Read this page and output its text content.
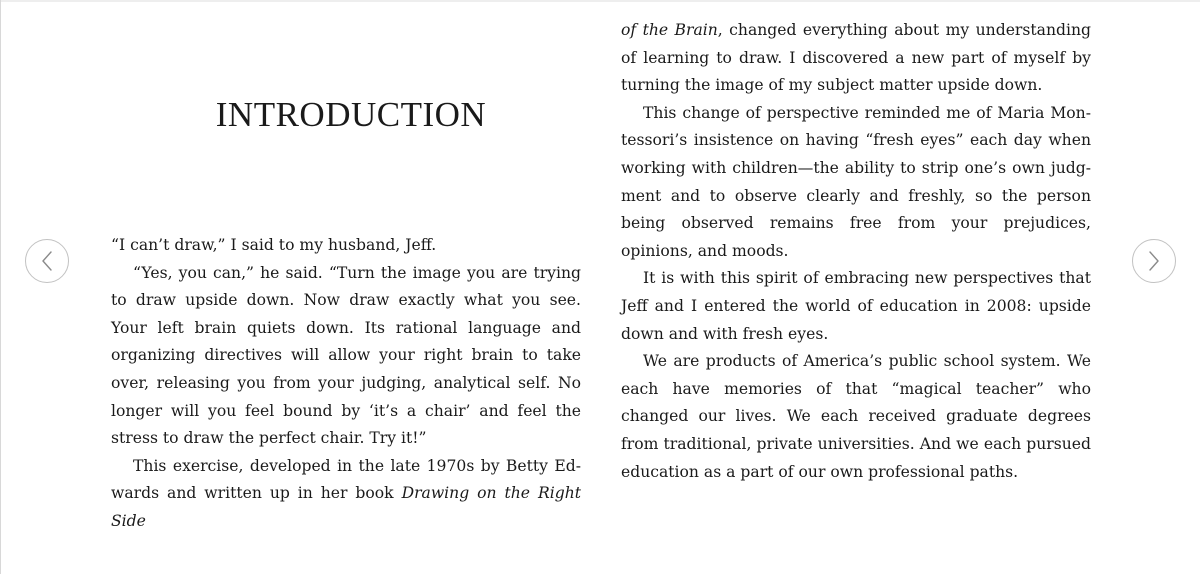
INTRODUCTION

“I can’t draw,” I said to my husband, Jeff.

“Yes, you can,” he said. “Turn the image you are trying to draw upside down. Now draw exactly what you see. Your left brain quiets down. Its rational language and organizing directives will allow your right brain to take over, releasing you from your judging, analytical self. No longer will you feel bound by ‘it’s a chair’ and feel the stress to draw the perfect chair. Try it!”

This exercise, developed in the late 1970s by Betty Edwards and written up in her book Drawing on the Right Side

of the Brain, changed everything about my understanding of learning to draw. I discovered a new part of myself by turning the image of my subject matter upside down.

This change of perspective reminded me of Maria Montessori’s insistence on having “fresh eyes” each day when working with children—the ability to strip one’s own judgment and to observe clearly and freshly, so the person being observed remains free from your prejudices, opinions, and moods.

It is with this spirit of embracing new perspectives that Jeff and I entered the world of education in 2008: upside down and with fresh eyes.

We are products of America’s public school system. We each have memories of that “magical teacher” who changed our lives. We each received graduate degrees from traditional, private universities. And we each pursued education as a part of our own professional paths.
